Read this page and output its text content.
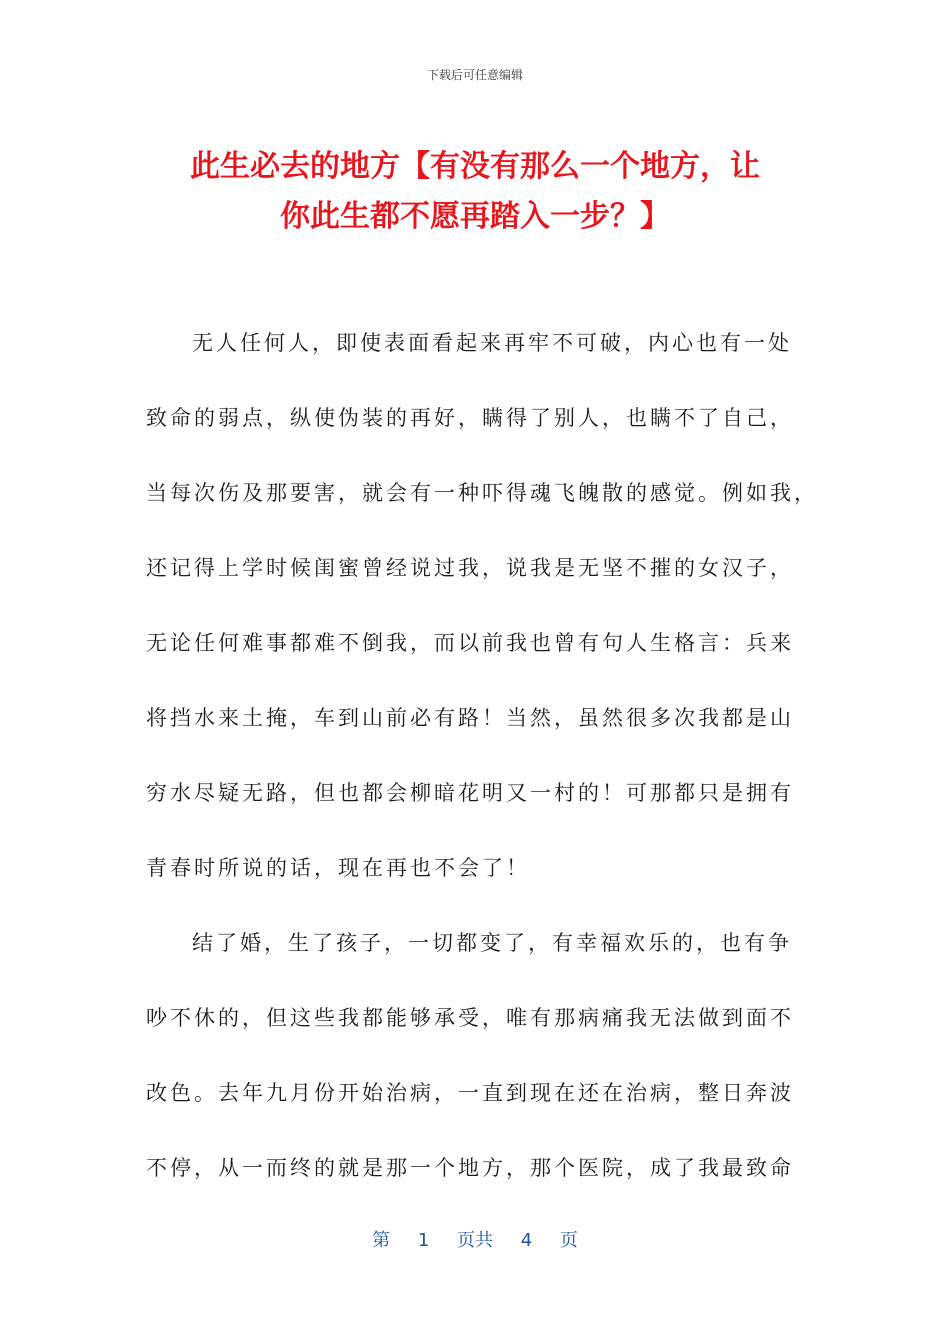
下载后可任意编辑
此生必去的地方【有没有那么一个地方，让
你此生都不愿再踏入一步？】
无人任何人，即使表面看起来再牢不可破，内心也有一处
致命的弱点，纵使伪装的再好，瞒得了别人，也瞒不了自己，
当每次伤及那要害，就会有一种吓得魂飞魄散的感觉。例如我，
还记得上学时候闺蜜曾经说过我，说我是无坚不摧的女汉子，
无论任何难事都难不倒我，而以前我也曾有句人生格言：兵来
将挡水来土掩，车到山前必有路！当然，虽然很多次我都是山
穷水尽疑无路，但也都会柳暗花明又一村的！可那都只是拥有
青春时所说的话，现在再也不会了！
结了婚，生了孩子，一切都变了，有幸福欢乐的，也有争
吵不休的，但这些我都能够承受，唯有那病痛我无法做到面不
改色。去年九月份开始治病，一直到现在还在治病，整日奔波
不停，从一而终的就是那一个地方，那个医院，成了我最致命
第 1 页共 4 页
